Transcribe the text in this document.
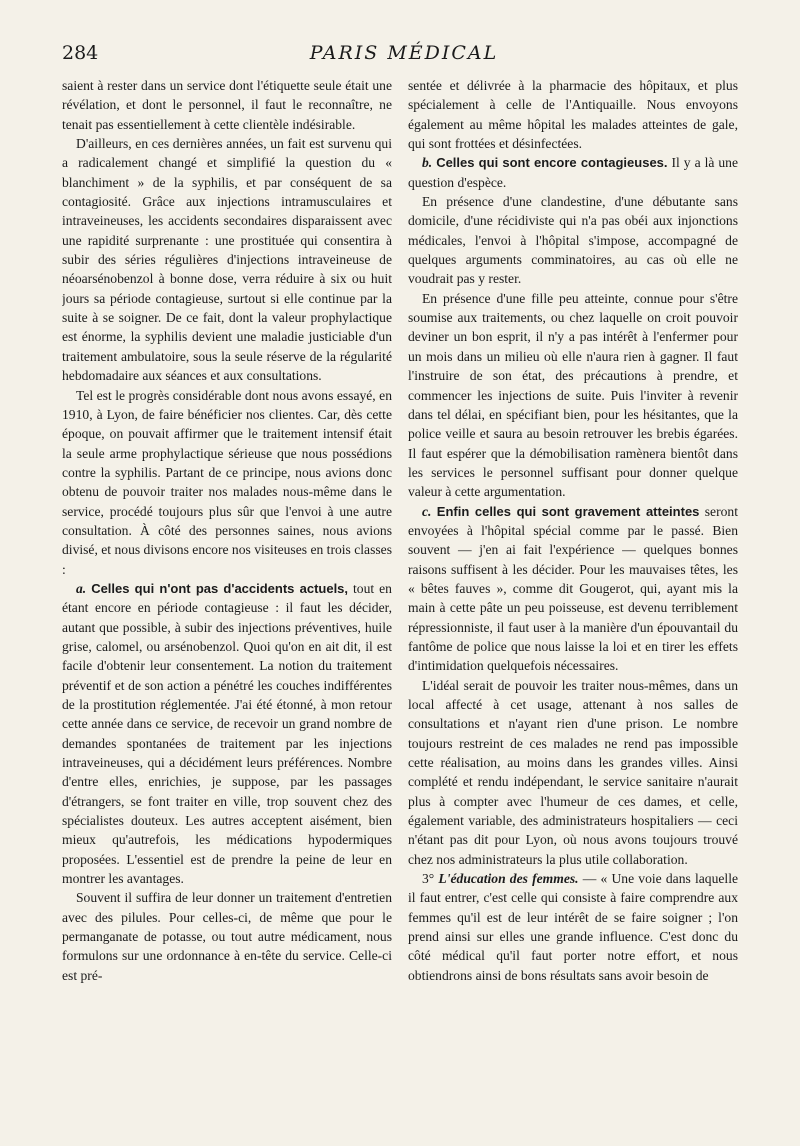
284	PARIS MÉDICAL

saient à rester dans un service dont l'étiquette seule était une révélation, et dont le personnel, il faut le reconnaître, ne tenait pas essentiellement à cette clientèle indésirable.

D'ailleurs, en ces dernières années, un fait est survenu qui a radicalement changé et simplifié la question du « blanchiment » de la syphilis, et par conséquent de sa contagiosité. Grâce aux injections intramusculaires et intraveineuses, les accidents secondaires disparaissent avec une rapidité surprenante : une prostituée qui consentira à subir des séries régulières d'injections intraveineuse de néoarsénobenzol à bonne dose, verra réduire à six ou huit jours sa période contagieuse, surtout si elle continue par la suite à se soigner. De ce fait, dont la valeur prophylactique est énorme, la syphilis devient une maladie justiciable d'un traitement ambulatoire, sous la seule réserve de la régularité hebdomadaire aux séances et aux consultations.

Tel est le progrès considérable dont nous avons essayé, en 1910, à Lyon, de faire bénéficier nos clientes. Car, dès cette époque, on pouvait affirmer que le traitement intensif était la seule arme prophylactique sérieuse que nous possédions contre la syphilis. Partant de ce principe, nous avions donc obtenu de pouvoir traiter nos malades nous-même dans le service, procédé toujours plus sûr que l'envoi à une autre consultation. À côté des personnes saines, nous avions divisé, et nous divisons encore nos visiteuses en trois classes :

a. Celles qui n'ont pas d'accidents actuels, tout en étant encore en période contagieuse : il faut les décider, autant que possible, à subir des injections préventives, huile grise, calomel, ou arsénobenzol. Quoi qu'on en ait dit, il est facile d'obtenir leur consentement. La notion du traitement préventif et de son action a pénétré les couches indifférentes de la prostitution réglementée. J'ai été étonné, à mon retour cette année dans ce service, de recevoir un grand nombre de demandes spontanées de traitement par les injections intraveineuses, qui a décidément leurs préférences. Nombre d'entre elles, enrichies, je suppose, par les passages d'étrangers, se font traiter en ville, trop souvent chez des spécialistes douteux. Les autres acceptent aisément, bien mieux qu'autrefois, les médications hypodermiques proposées. L'essentiel est de prendre la peine de leur en montrer les avantages.

Souvent il suffira de leur donner un traitement d'entretien avec des pilules. Pour celles-ci, de même que pour le permanganate de potasse, ou tout autre médicament, nous formulons sur une ordonnance à en-tête du service. Celle-ci est pré-

sentée et délivrée à la pharmacie des hôpitaux, et plus spécialement à celle de l'Antiquaille. Nous envoyons également au même hôpital les malades atteintes de gale, qui sont frottées et désinfectées.

b. Celles qui sont encore contagieuses. Il y a là une question d'espèce.

En présence d'une clandestine, d'une débutante sans domicile, d'une récidiviste qui n'a pas obéi aux injonctions médicales, l'envoi à l'hôpital s'impose, accompagné de quelques arguments comminatoires, au cas où elle ne voudrait pas y rester.

En présence d'une fille peu atteinte, connue pour s'être soumise aux traitements, ou chez laquelle on croit pouvoir deviner un bon esprit, il n'y a pas intérêt à l'enfermer pour un mois dans un milieu où elle n'aura rien à gagner. Il faut l'instruire de son état, des précautions à prendre, et commencer les injections de suite. Puis l'inviter à revenir dans tel délai, en spécifiant bien, pour les hésitantes, que la police veille et saura au besoin retrouver les brebis égarées. Il faut espérer que la démobilisation ramènera bientôt dans les services le personnel suffisant pour donner quelque valeur à cette argumentation.

c. Enfin celles qui sont gravement atteintes seront envoyées à l'hôpital spécial comme par le passé. Bien souvent — j'en ai fait l'expérience — quelques bonnes raisons suffisent à les décider. Pour les mauvaises têtes, les « bêtes fauves », comme dit Gougerot, qui, ayant mis la main à cette pâte un peu poisseuse, est devenu terriblement répressionniste, il faut user à la manière d'un épouvantail du fantôme de police que nous laisse la loi et en tirer les effets d'intimidation quelquefois nécessaires.

L'idéal serait de pouvoir les traiter nous-mêmes, dans un local affecté à cet usage, attenant à nos salles de consultations et n'ayant rien d'une prison. Le nombre toujours restreint de ces malades ne rend pas impossible cette réalisation, au moins dans les grandes villes. Ainsi complété et rendu indépendant, le service sanitaire n'aurait plus à compter avec l'humeur de ces dames, et celle, également variable, des administrateurs hospitaliers — ceci n'étant pas dit pour Lyon, où nous avons toujours trouvé chez nos administrateurs la plus utile collaboration.

3° L'éducation des femmes. — « Une voie dans laquelle il faut entrer, c'est celle qui consiste à faire comprendre aux femmes qu'il est de leur intérêt de se faire soigner ; l'on prend ainsi sur elles une grande influence. C'est donc du côté médical qu'il faut porter notre effort, et nous obtiendrons ainsi de bons résultats sans avoir besoin de
